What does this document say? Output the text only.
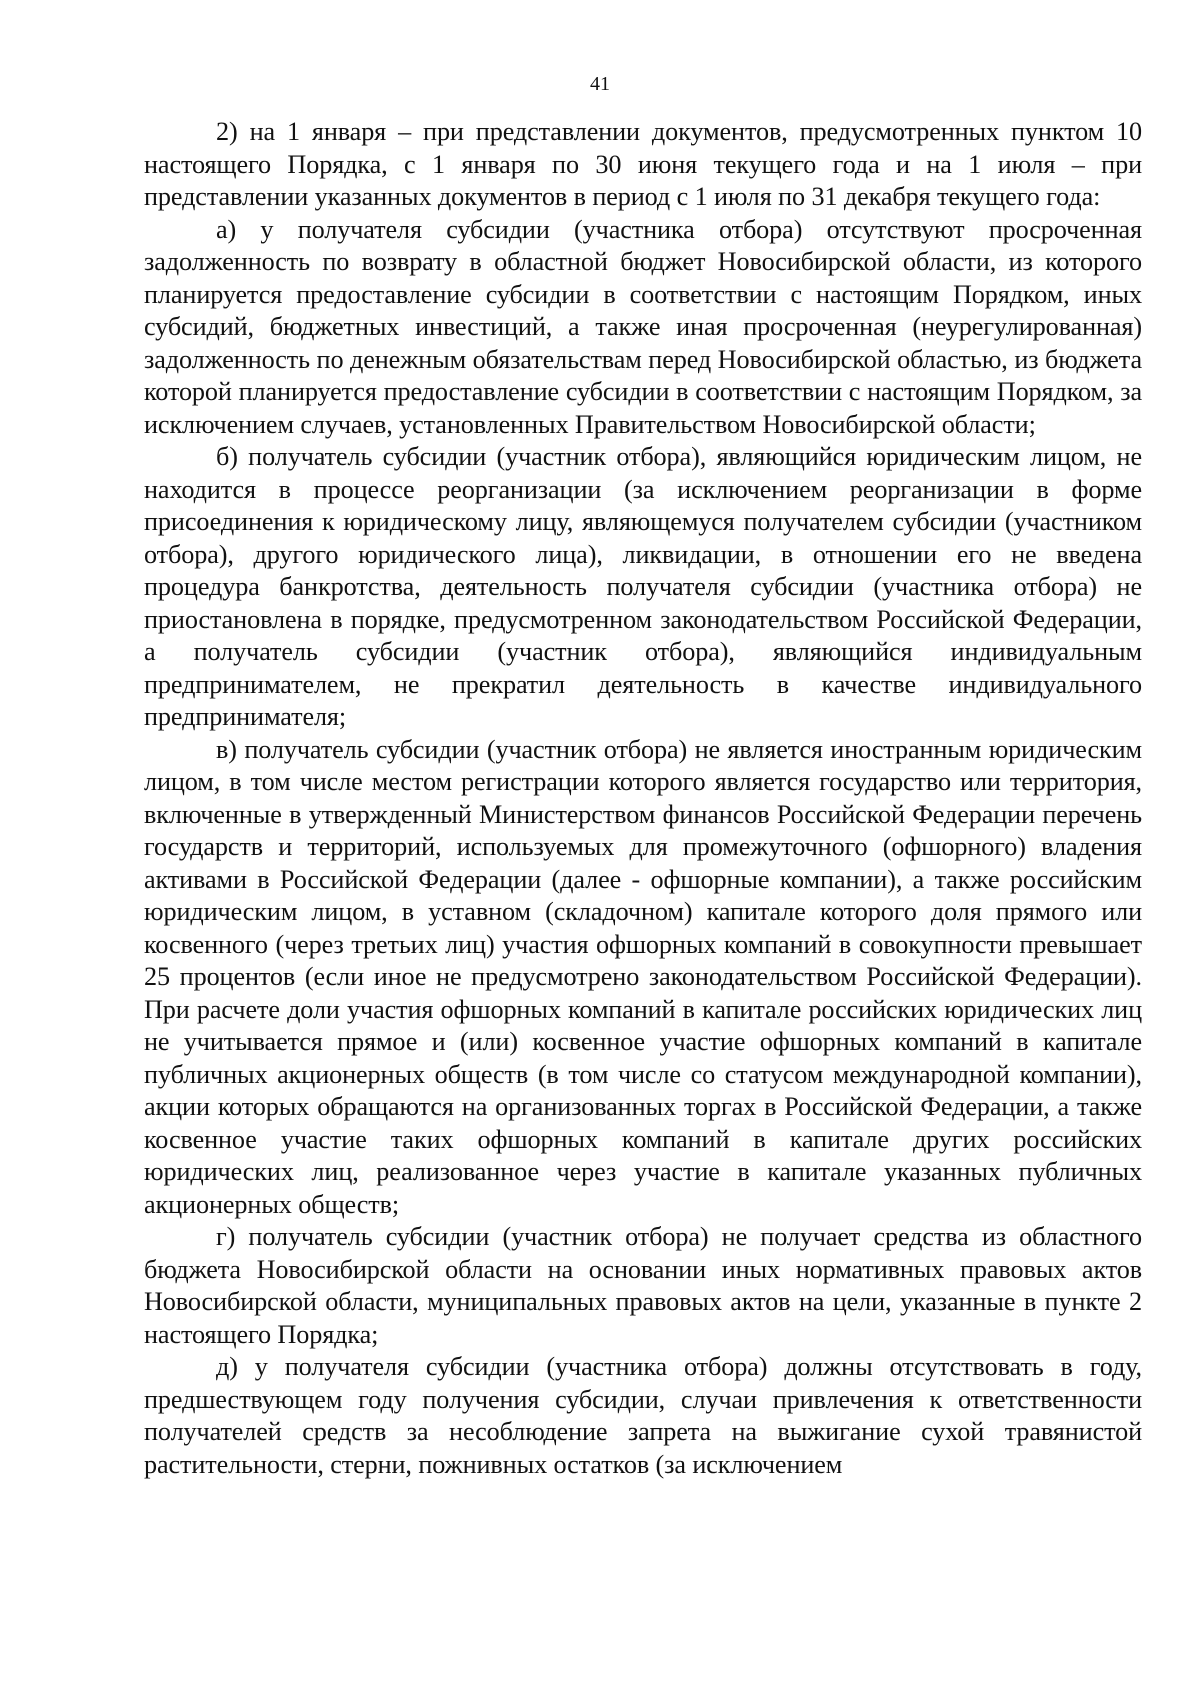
41

2) на 1 января – при представлении документов, предусмотренных пунктом 10 настоящего Порядка, с 1 января по 30 июня текущего года и на 1 июля – при представлении указанных документов в период с 1 июля по 31 декабря текущего года:

а) у получателя субсидии (участника отбора) отсутствуют просроченная задолженность по возврату в областной бюджет Новосибирской области, из которого планируется предоставление субсидии в соответствии с настоящим Порядком, иных субсидий, бюджетных инвестиций, а также иная просроченная (неурегулированная) задолженность по денежным обязательствам перед Новосибирской областью, из бюджета которой планируется предоставление субсидии в соответствии с настоящим Порядком, за исключением случаев, установленных Правительством Новосибирской области;

б) получатель субсидии (участник отбора), являющийся юридическим лицом, не находится в процессе реорганизации (за исключением реорганизации в форме присоединения к юридическому лицу, являющемуся получателем субсидии (участником отбора), другого юридического лица), ликвидации, в отношении его не введена процедура банкротства, деятельность получателя субсидии (участника отбора) не приостановлена в порядке, предусмотренном законодательством Российской Федерации, а получатель субсидии (участник отбора), являющийся индивидуальным предпринимателем, не прекратил деятельность в качестве индивидуального предпринимателя;

в) получатель субсидии (участник отбора) не является иностранным юридическим лицом, в том числе местом регистрации которого является государство или территория, включенные в утвержденный Министерством финансов Российской Федерации перечень государств и территорий, используемых для промежуточного (офшорного) владения активами в Российской Федерации (далее - офшорные компании), а также российским юридическим лицом, в уставном (складочном) капитале которого доля прямого или косвенного (через третьих лиц) участия офшорных компаний в совокупности превышает 25 процентов (если иное не предусмотрено законодательством Российской Федерации). При расчете доли участия офшорных компаний в капитале российских юридических лиц не учитывается прямое и (или) косвенное участие офшорных компаний в капитале публичных акционерных обществ (в том числе со статусом международной компании), акции которых обращаются на организованных торгах в Российской Федерации, а также косвенное участие таких офшорных компаний в капитале других российских юридических лиц, реализованное через участие в капитале указанных публичных акционерных обществ;

г) получатель субсидии (участник отбора) не получает средства из областного бюджета Новосибирской области на основании иных нормативных правовых актов Новосибирской области, муниципальных правовых актов на цели, указанные в пункте 2 настоящего Порядка;

д) у получателя субсидии (участника отбора) должны отсутствовать в году, предшествующем году получения субсидии, случаи привлечения к ответственности получателей средств за несоблюдение запрета на выжигание сухой травянистой растительности, стерни, пожнивных остатков (за исключением
